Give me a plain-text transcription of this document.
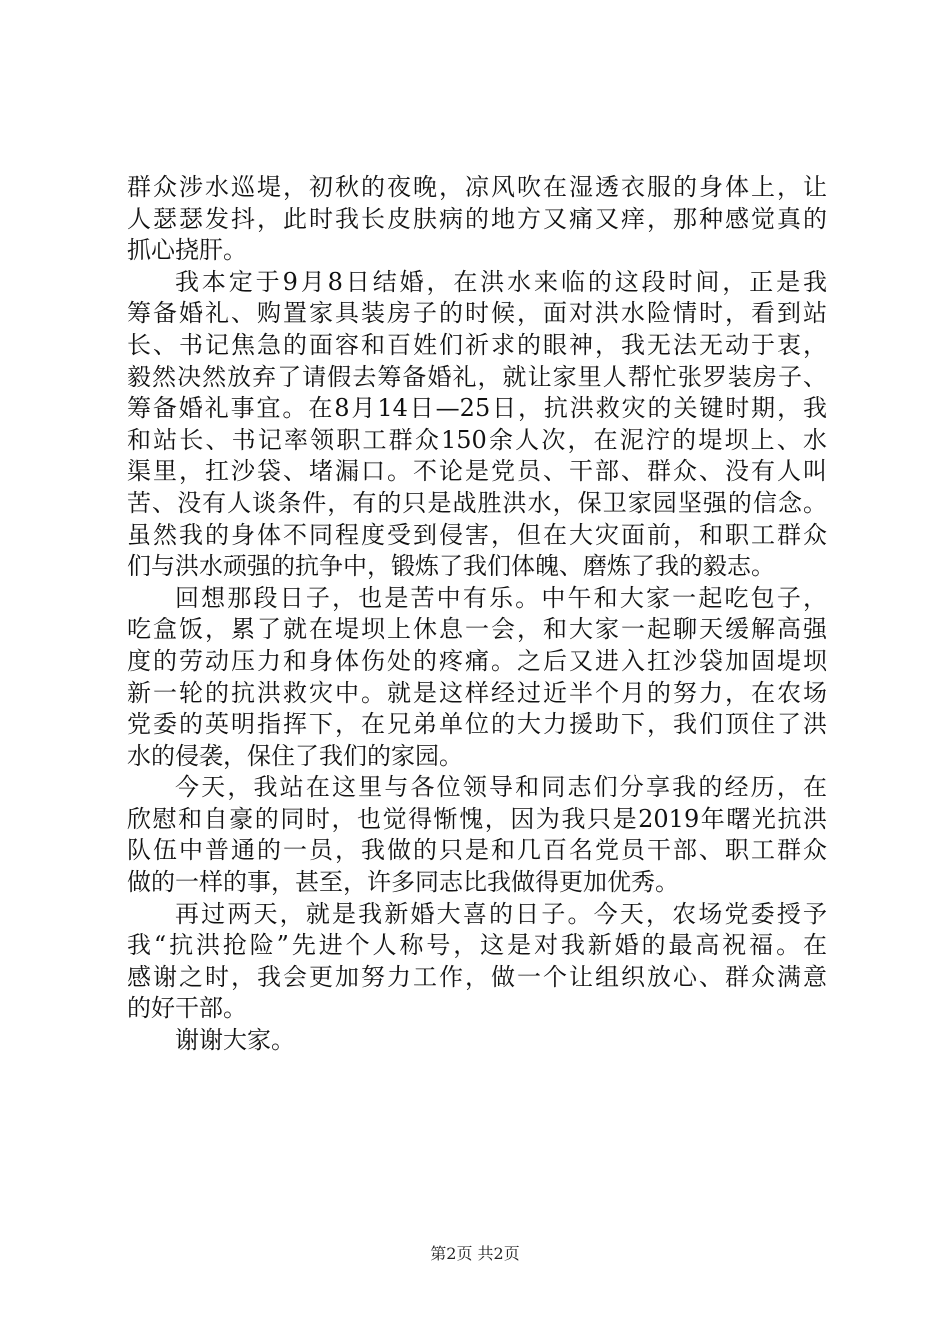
群众涉水巡堤，初秋的夜晚，凉风吹在湿透衣服的身体上，让
人瑟瑟发抖，此时我长皮肤病的地方又痛又痒，那种感觉真的
抓心挠肝。
我本定于9月8日结婚，在洪水来临的这段时间，正是我
筹备婚礼、购置家具装房子的时候，面对洪水险情时，看到站
长、书记焦急的面容和百姓们祈求的眼神，我无法无动于衷，
毅然决然放弃了请假去筹备婚礼，就让家里人帮忙张罗装房子、
筹备婚礼事宜。在8月14日—25日，抗洪救灾的关键时期，我
和站长、书记率领职工群众150余人次，在泥泞的堤坝上、水
渠里，扛沙袋、堵漏口。不论是党员、干部、群众、没有人叫
苦、没有人谈条件，有的只是战胜洪水，保卫家园坚强的信念。
虽然我的身体不同程度受到侵害，但在大灾面前，和职工群众
们与洪水顽强的抗争中，锻炼了我们体魄、磨炼了我的毅志。
回想那段日子，也是苦中有乐。中午和大家一起吃包子，
吃盒饭，累了就在堤坝上休息一会，和大家一起聊天缓解高强
度的劳动压力和身体伤处的疼痛。之后又进入扛沙袋加固堤坝
新一轮的抗洪救灾中。就是这样经过近半个月的努力，在农场
党委的英明指挥下，在兄弟单位的大力援助下，我们顶住了洪
水的侵袭，保住了我们的家园。
今天，我站在这里与各位领导和同志们分享我的经历，在
欣慰和自豪的同时，也觉得惭愧，因为我只是2019年曙光抗洪
队伍中普通的一员，我做的只是和几百名党员干部、职工群众
做的一样的事，甚至，许多同志比我做得更加优秀。
再过两天，就是我新婚大喜的日子。今天，农场党委授予
我“抗洪抢险”先进个人称号，这是对我新婚的最高祝福。在
感谢之时，我会更加努力工作，做一个让组织放心、群众满意
的好干部。
谢谢大家。
第2页 共2页
